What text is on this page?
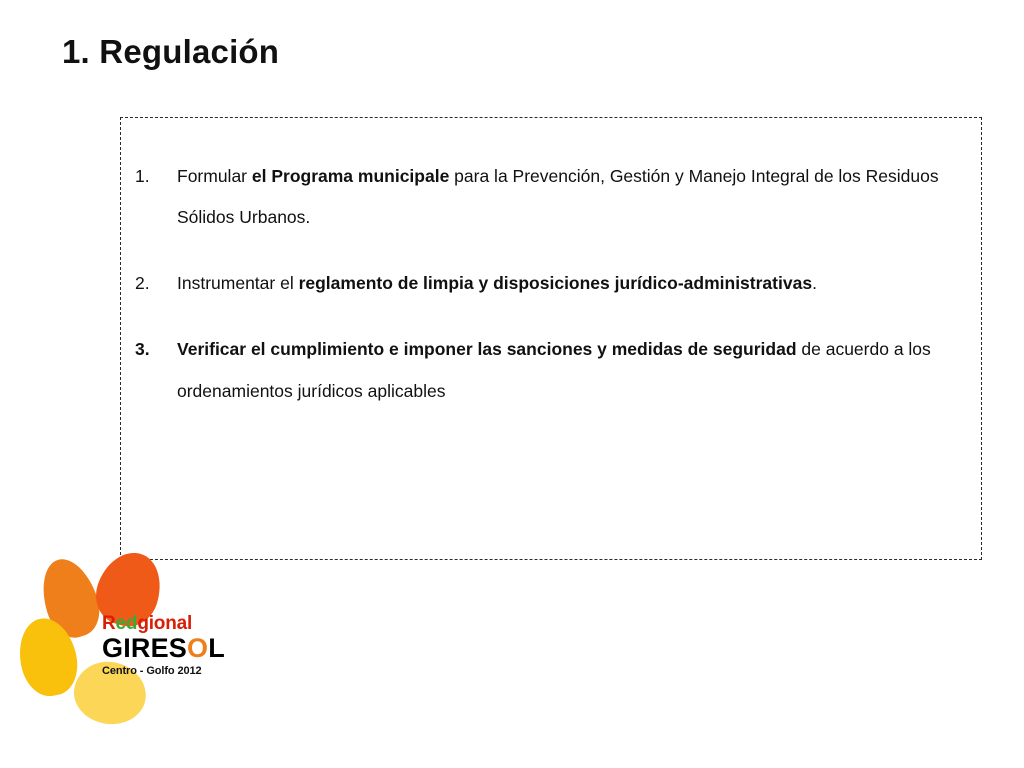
1. Regulación
1.	Formular el Programa municipale para la Prevención, Gestión y Manejo Integral de los Residuos Sólidos Urbanos.
2.	Instrumentar el reglamento de limpia y disposiciones jurídico-administrativas.
3.	Verificar el cumplimiento e imponer las sanciones y medidas de seguridad de acuerdo a los ordenamientos jurídicos aplicables
Redgional
GIRESOL
Centro - Golfo 2012
